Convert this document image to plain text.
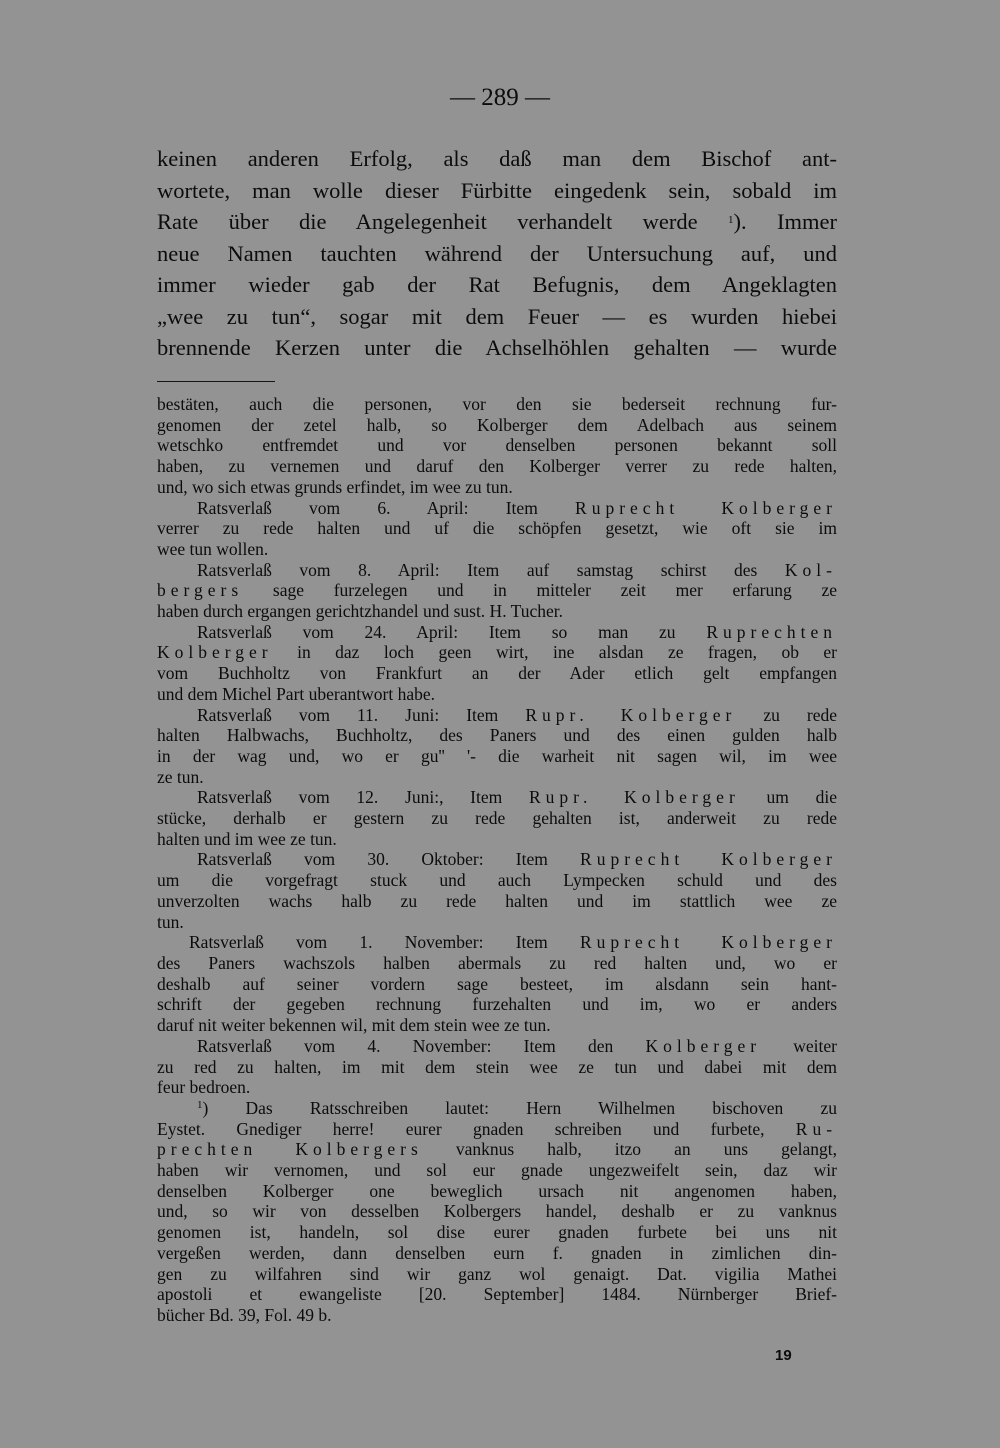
— 289 —
keinen anderen Erfolg, als daß man dem Bischof ant-
wortete, man wolle dieser Fürbitte eingedenk sein, sobald im
Rate über die Angelegenheit verhandelt werde	$^1$). Immer
neue Namen tauchten während der Untersuchung auf, und
immer wieder gab der Rat Befugnis, dem Angeklagten
„wee zu tun“, sogar mit dem Feuer — es wurden hiebei
brennende Kerzen unter die Achselhöhlen gehalten — wurde
bestäten, auch die personen, vor den sie bederseit rechnung fur-
genomen der zetel halb, so Kolberger dem Adelbach aus seinem
wetschko entfremdet und vor denselben personen bekannt soll
haben, zu vernemen und daruf den Kolberger verrer zu rede halten,
und, wo sich etwas grunds erfindet, im wee zu tun.
Ratsverlaß vom 6. April: Item Ruprecht Kolberger
verrer zu rede halten und uf die schöpfen gesetzt, wie oft sie im
wee tun wollen.
Ratsverlaß vom 8. April: Item auf samstag schirst des Kol-
bergers sage furzelegen und in mitteler zeit mer erfarung ze
haben durch ergangen gerichtzhandel und sust. H. Tucher.
Ratsverlaß vom 24. April: Item so man zu Ruprechten
Kolberger in daz loch geen wirt, ine alsdan ze fragen, ob er
vom Buchholtz von Frankfurt an der Ader etlich gelt empfangen
und dem Michel Part uberantwort habe.
Ratsverlaß vom 11. Juni: Item Rupr. Kolberger zu rede
halten Halbwachs, Buchholtz, des Paners und des einen gulden halb
in der wag und, wo er gu'' '- die warheit nit sagen wil, im wee
ze tun.
Ratsverlaß vom 12. Juni:, Item Rupr. Kolberger um die
stücke, derhalb er gestern zu rede gehalten ist, anderweit zu rede
halten und im wee ze tun.
Ratsverlaß vom 30. Oktober: Item Ruprecht Kolberger
um die vorgefragt stuck und auch Lympecken schuld und des
unverzolten wachs halb zu rede halten und im stattlich wee ze
tun.
Ratsverlaß vom 1. November: Item Ruprecht Kolberger
des Paners wachszols halben abermals zu red halten und, wo er
deshalb auf seiner vordern sage besteet, im alsdann sein hant-
schrift der gegeben rechnung furzehalten und im, wo er anders
daruf nit weiter bekennen wil, mit dem stein wee ze tun.
Ratsverlaß vom 4. November: Item den Kolberger weiter
zu red zu halten, im mit dem stein wee ze tun und dabei mit dem
feur bedroen.
$^1$) Das Ratsschreiben lautet: Hern Wilhelmen bischoven zu
Eystet. Gnediger herre! eurer gnaden schreiben und furbete, Ru-
prechten Kolbergers vanknus halb, itzo an uns gelangt,
haben wir vernomen, und sol eur gnade ungezweifelt sein, daz wir
denselben Kolberger one beweglich ursach nit angenomen haben,
und, so wir von desselben Kolbergers handel, deshalb er zu vanknus
genomen ist, handeln, sol dise eurer gnaden furbete bei uns nit
vergeßen werden, dann denselben eurn f. gnaden in zimlichen din-
gen zu wilfahren sind wir ganz wol genaigt. Dat. vigilia Mathei
apostoli et ewangeliste [20. September] 1484. Nürnberger Brief-
bücher Bd. 39, Fol. 49 b.
19
